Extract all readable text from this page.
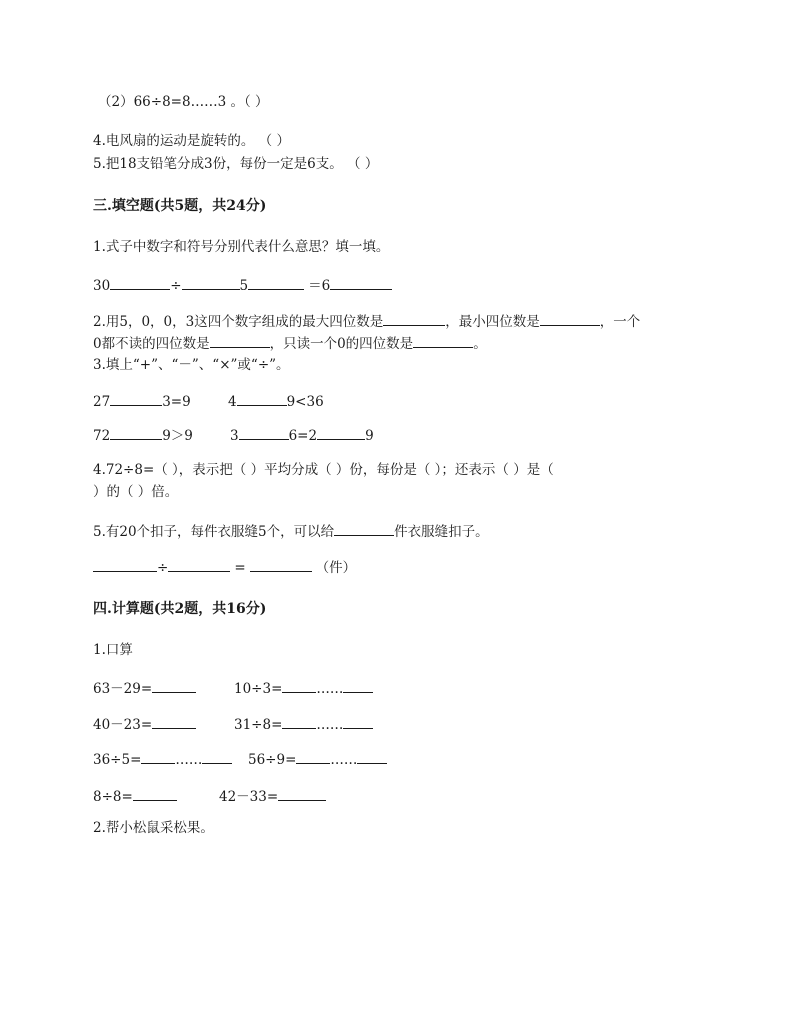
（2）66÷8=8……3 。（ ）
4.电风扇的运动是旋转的。 （ ）
5.把18支铅笔分成3份，每份一定是6支。 （ ）
三.填空题(共5题，共24分)
1.式子中数字和符号分别代表什么意思？填一填。
30	÷	5	＝6
2.用5，0，0，3这四个数字组成的最大四位数是	，最小四位数是	，一个
0都不读的四位数是	，只读一个0的四位数是	。
3.填上“+”、“－”、“×”或“÷”。
27	3=9	4	9<36
72	9＞9	3	6=2	9
4.72÷8=（ ），表示把（ ）平均分成（ ）份，每份是（ ）；还表示（ ）是（
）的（ ）倍。
5.有20个扣子，每件衣服缝5个，可以给	件衣服缝扣子。
÷	=	（件）
四.计算题(共2题，共16分)
1.口算
63－29=	10÷3=	……
40－23=	31÷8=	……
36÷5=	……	56÷9=	……
8÷8=	42－33=
2.帮小松鼠采松果。
